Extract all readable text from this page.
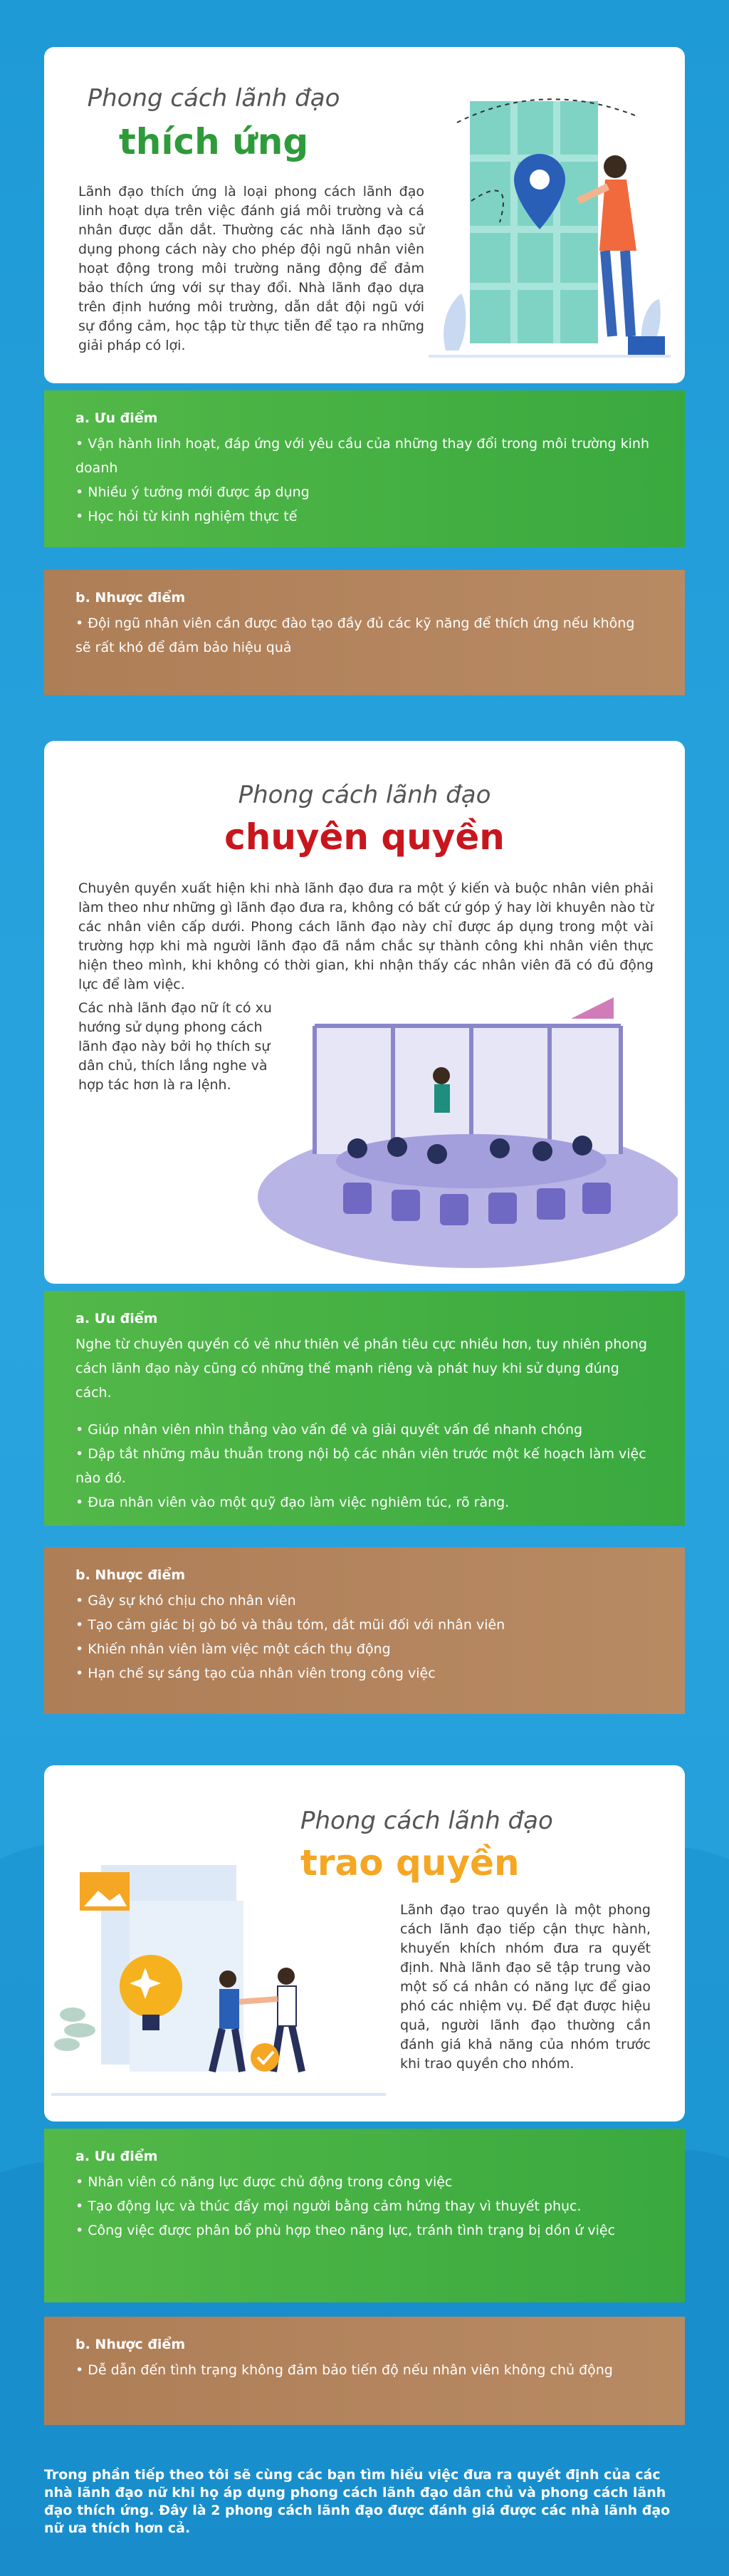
Phong cách lãnh đạo
thích ứng
Lãnh đạo thích ứng là loại phong cách lãnh đạo linh hoạt dựa trên việc đánh giá môi trường và cá nhân được dẫn dắt. Thường các nhà lãnh đạo sử dụng phong cách này cho phép đội ngũ nhân viên hoạt động trong môi trường năng động để đảm bảo thích ứng với sự thay đổi. Nhà lãnh đạo dựa trên định hướng môi trường, dẫn dắt đội ngũ với sự đồng cảm, học tập từ thực tiễn để tạo ra những giải pháp có lợi.
a. Ưu điểm

• Vận hành linh hoạt, đáp ứng với yêu cầu của những thay đổi trong môi trường kinh doanh

• Nhiều ý tưởng mới được áp dụng

• Học hỏi từ kinh nghiệm thực tế

b. Nhược điểm

• Đội ngũ nhân viên cần được đào tạo đầy đủ các kỹ năng để thích ứng nếu không sẽ rất khó để đảm bảo hiệu quả

Phong cách lãnh đạo
chuyên quyền
Chuyên quyền xuất hiện khi nhà lãnh đạo đưa ra một ý kiến và buộc nhân viên phải làm theo như những gì lãnh đạo đưa ra, không có bất cứ góp ý hay lời khuyên nào từ các nhân viên cấp dưới. Phong cách lãnh đạo này chỉ được áp dụng trong một vài trường hợp khi mà người lãnh đạo đã nắm chắc sự thành công khi nhân viên thực hiện theo mình, khi không có thời gian, khi nhận thấy các nhân viên đã có đủ động lực để làm việc.
Các nhà lãnh đạo nữ ít có xu hướng sử dụng phong cách lãnh đạo này bởi họ thích sự dân chủ, thích lắng nghe và hợp tác hơn là ra lệnh.
a. Ưu điểm

Nghe từ chuyên quyền có vẻ như thiên về phần tiêu cực nhiều hơn, tuy nhiên phong cách lãnh đạo này cũng có những thế mạnh riêng và phát huy khi sử dụng đúng cách.

• Giúp nhân viên nhìn thẳng vào vấn đề và giải quyết vấn đề nhanh chóng

• Dập tắt những mâu thuẫn trong nội bộ các nhân viên trước một kế hoạch làm việc nào đó.

• Đưa nhân viên vào một quỹ đạo làm việc nghiêm túc, rõ ràng.

b. Nhược điểm

• Gây sự khó chịu cho nhân viên

• Tạo cảm giác bị gò bó và thâu tóm, dắt mũi đối với nhân viên

• Khiến nhân viên làm việc một cách thụ động

• Hạn chế sự sáng tạo của nhân viên trong công việc

Phong cách lãnh đạo
trao quyền
Lãnh đạo trao quyền là một phong cách lãnh đạo tiếp cận thực hành, khuyến khích nhóm đưa ra quyết định. Nhà lãnh đạo sẽ tập trung vào một số cá nhân có năng lực để giao phó các nhiệm vụ. Để đạt được hiệu quả, người lãnh đạo thường cần đánh giá khả năng của nhóm trước khi trao quyền cho nhóm.
a. Ưu điểm

• Nhân viên có năng lực được chủ động trong công việc

• Tạo động lực và thúc đẩy mọi người bằng cảm hứng thay vì thuyết phục.

• Công việc được phân bổ phù hợp theo năng lực, tránh tình trạng bị dồn ứ việc

b. Nhược điểm

• Dễ dẫn đến tình trạng không đảm bảo tiến độ nếu nhân viên không chủ động

Trong phần tiếp theo tôi sẽ cùng các bạn tìm hiểu việc đưa ra quyết định của các nhà lãnh đạo nữ khi họ áp dụng phong cách lãnh đạo dân chủ và phong cách lãnh đạo thích ứng. Đây là 2 phong cách lãnh đạo được đánh giá được các nhà lãnh đạo nữ ưa thích hơn cả.
